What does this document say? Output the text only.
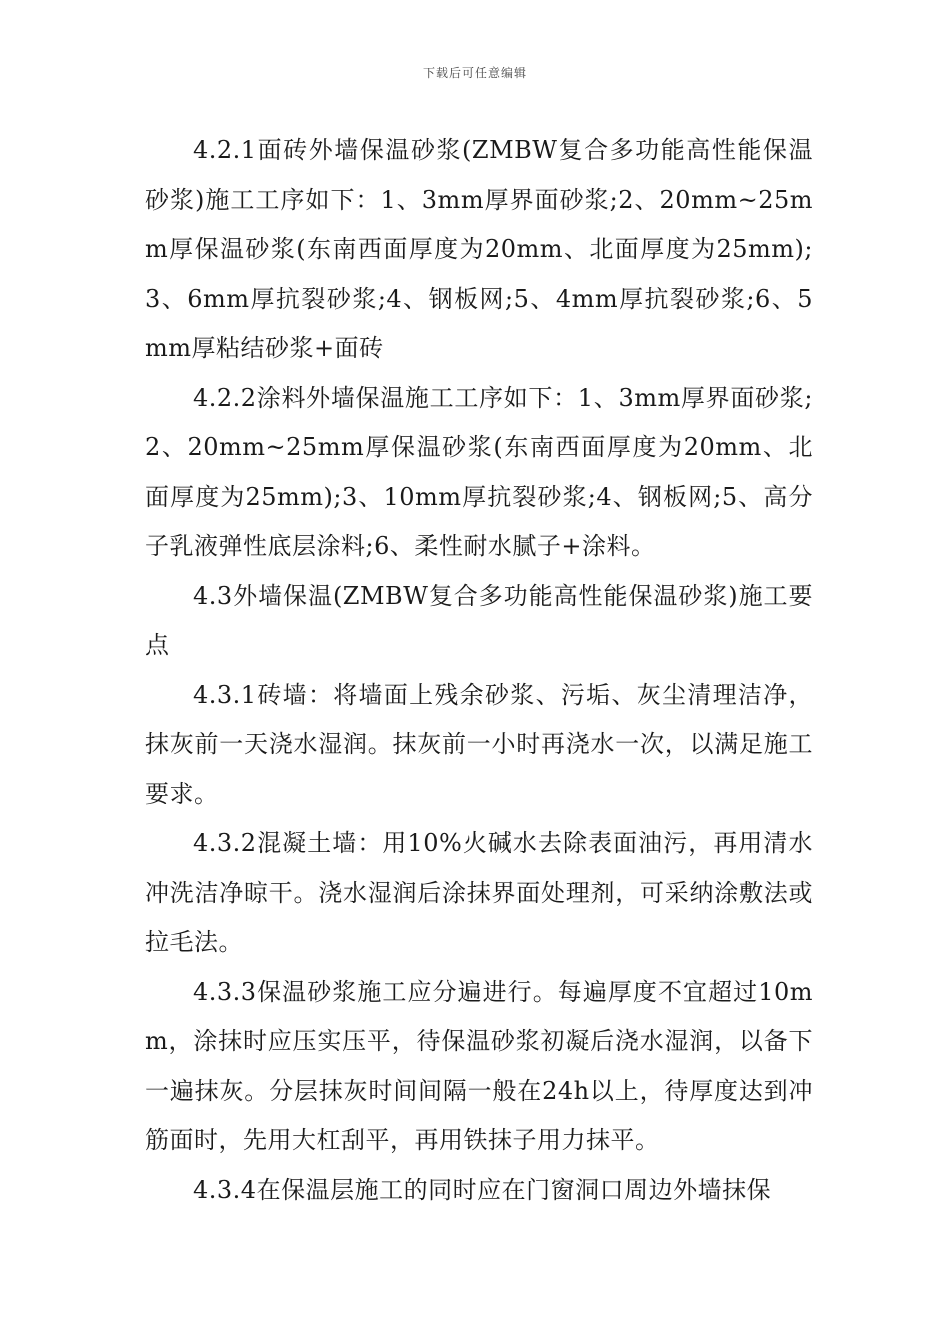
下载后可任意编辑

4.2.1面砖外墙保温砂浆(ZMBW复合多功能高性能保温砂浆)施工工序如下：1、3mm厚界面砂浆;2、20mm~25mm厚保温砂浆(东南西面厚度为20mm、北面厚度为25mm);3、6mm厚抗裂砂浆;4、钢板网;5、4mm厚抗裂砂浆;6、5mm厚粘结砂浆+面砖

4.2.2涂料外墙保温施工工序如下：1、3mm厚界面砂浆;2、20mm~25mm厚保温砂浆(东南西面厚度为20mm、北面厚度为25mm);3、10mm厚抗裂砂浆;4、钢板网;5、高分子乳液弹性底层涂料;6、柔性耐水腻子+涂料。

4.3外墙保温(ZMBW复合多功能高性能保温砂浆)施工要点

4.3.1砖墙：将墙面上残余砂浆、污垢、灰尘清理洁净，抹灰前一天浇水湿润。抹灰前一小时再浇水一次，以满足施工要求。

4.3.2混凝土墙：用10%火碱水去除表面油污，再用清水冲洗洁净晾干。浇水湿润后涂抹界面处理剂，可采纳涂敷法或拉毛法。

4.3.3保温砂浆施工应分遍进行。每遍厚度不宜超过10mm，涂抹时应压实压平，待保温砂浆初凝后浇水湿润，以备下一遍抹灰。分层抹灰时间间隔一般在24h以上，待厚度达到冲筋面时，先用大杠刮平，再用铁抹子用力抹平。

4.3.4在保温层施工的同时应在门窗洞口周边外墙抹保
